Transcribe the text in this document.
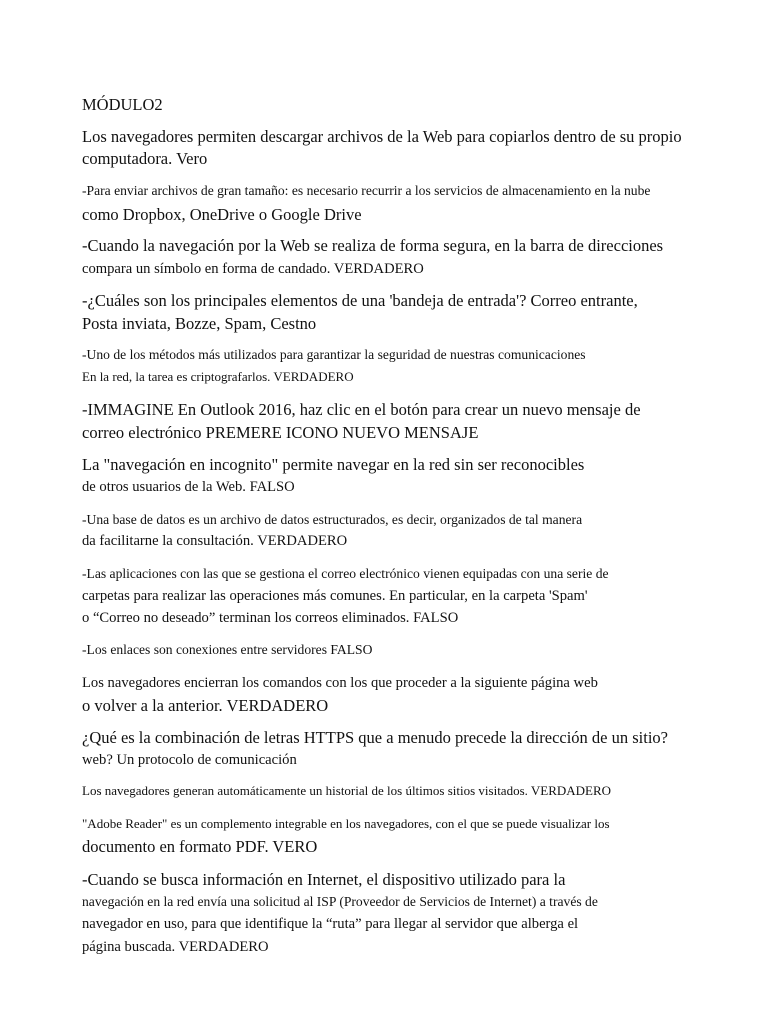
MÓDULO2
Los navegadores permiten descargar archivos de la Web para copiarlos dentro de su propio
computadora. Vero
-Para enviar archivos de gran tamaño: es necesario recurrir a los servicios de almacenamiento en la nube
como Dropbox, OneDrive o Google Drive
-Cuando la navegación por la Web se realiza de forma segura, en la barra de direcciones
compara un símbolo en forma de candado. VERDADERO
-¿Cuáles son los principales elementos de una 'bandeja de entrada'? Correo entrante,
Posta inviata, Bozze, Spam, Cestno
-Uno de los métodos más utilizados para garantizar la seguridad de nuestras comunicaciones
En la red, la tarea es criptografarlos. VERDADERO
-IMMAGINE En Outlook 2016, haz clic en el botón para crear un nuevo mensaje de
correo electrónico PREMERE ICONO NUEVO MENSAJE
La "navegación en incognito" permite navegar en la red sin ser reconocibles
de otros usuarios de la Web. FALSO
-Una base de datos es un archivo de datos estructurados, es decir, organizados de tal manera
da facilitarne la consultación. VERDADERO
-Las aplicaciones con las que se gestiona el correo electrónico vienen equipadas con una serie de
carpetas para realizar las operaciones más comunes. En particular, en la carpeta 'Spam'
o “Correo no deseado” terminan los correos eliminados. FALSO
-Los enlaces son conexiones entre servidores FALSO
Los navegadores encierran los comandos con los que proceder a la siguiente página web
o volver a la anterior. VERDADERO
¿Qué es la combinación de letras HTTPS que a menudo precede la dirección de un sitio?
web? Un protocolo de comunicación
Los navegadores generan automáticamente un historial de los últimos sitios visitados. VERDADERO
"Adobe Reader" es un complemento integrable en los navegadores, con el que se puede visualizar los
documento en formato PDF. VERO
-Cuando se busca información en Internet, el dispositivo utilizado para la
navegación en la red envía una solicitud al ISP (Proveedor de Servicios de Internet) a través de
navegador en uso, para que identifique la “ruta” para llegar al servidor que alberga el
página buscada. VERDADERO
